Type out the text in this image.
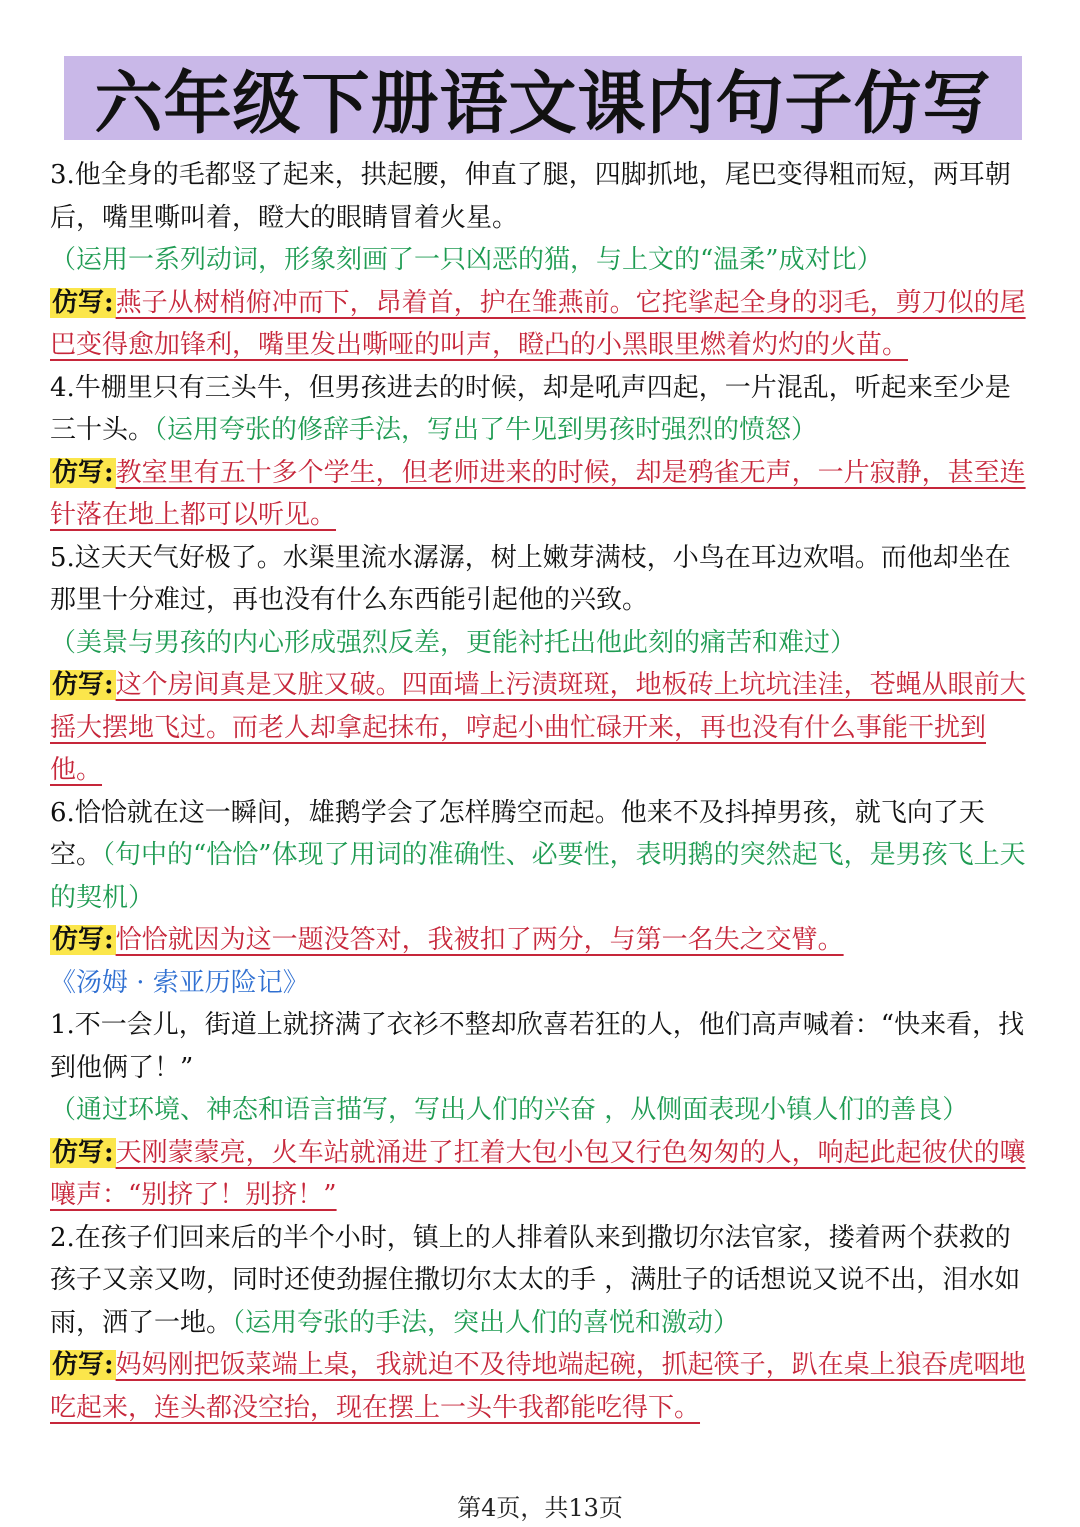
六年级下册语文课内句子仿写

3.他全身的毛都竖了起来，拱起腰，伸直了腿，四脚抓地，尾巴变得粗而短，两耳朝后，嘴里嘶叫着，瞪大的眼睛冒着火星。

（运用一系列动词，形象刻画了一只凶恶的猫，与上文的“温柔”成对比）

仿写:燕子从树梢俯冲而下，昂着首，护在雏燕前。它挓挲起全身的羽毛，剪刀似的尾巴变得愈加锋利，嘴里发出嘶哑的叫声，瞪凸的小黑眼里燃着灼灼的火苗。

4.牛棚里只有三头牛，但男孩进去的时候，却是吼声四起，一片混乱，听起来至少是三十头。（运用夸张的修辞手法，写出了牛见到男孩时强烈的愤怒）

仿写:教室里有五十多个学生，但老师进来的时候，却是鸦雀无声，一片寂静，甚至连针落在地上都可以听见。

5.这天天气好极了。水渠里流水潺潺，树上嫩芽满枝，小鸟在耳边欢唱。而他却坐在那里十分难过，再也没有什么东西能引起他的兴致。

（美景与男孩的内心形成强烈反差，更能衬托出他此刻的痛苦和难过）

仿写:这个房间真是又脏又破。四面墙上污渍斑斑，地板砖上坑坑洼洼，苍蝇从眼前大摇大摆地飞过。而老人却拿起抹布，哼起小曲忙碌开来，再也没有什么事能干扰到他。

6.恰恰就在这一瞬间，雄鹅学会了怎样腾空而起。他来不及抖掉男孩，就飞向了天空。（句中的“恰恰”体现了用词的准确性、必要性，表明鹅的突然起飞，是男孩飞上天的契机）

仿写:恰恰就因为这一题没答对，我被扣了两分，与第一名失之交臂。

《汤姆 · 索亚历险记》

1.不一会儿，街道上就挤满了衣衫不整却欣喜若狂的人，他们高声喊着：“快来看，找到他俩了！”

（通过环境、神态和语言描写，写出人们的兴奋 ，从侧面表现小镇人们的善良）

仿写:天刚蒙蒙亮，火车站就涌进了扛着大包小包又行色匆匆的人，响起此起彼伏的嚷嚷声：“别挤了！别挤！”

2.在孩子们回来后的半个小时，镇上的人排着队来到撒切尔法官家，搂着两个获救的孩子又亲又吻，同时还使劲握住撒切尔太太的手 ，满肚子的话想说又说不出，泪水如雨，洒了一地。（运用夸张的手法，突出人们的喜悦和激动）

仿写:妈妈刚把饭菜端上桌，我就迫不及待地端起碗，抓起筷子，趴在桌上狼吞虎咽地吃起来，连头都没空抬，现在摆上一头牛我都能吃得下。

第4页，共13页
